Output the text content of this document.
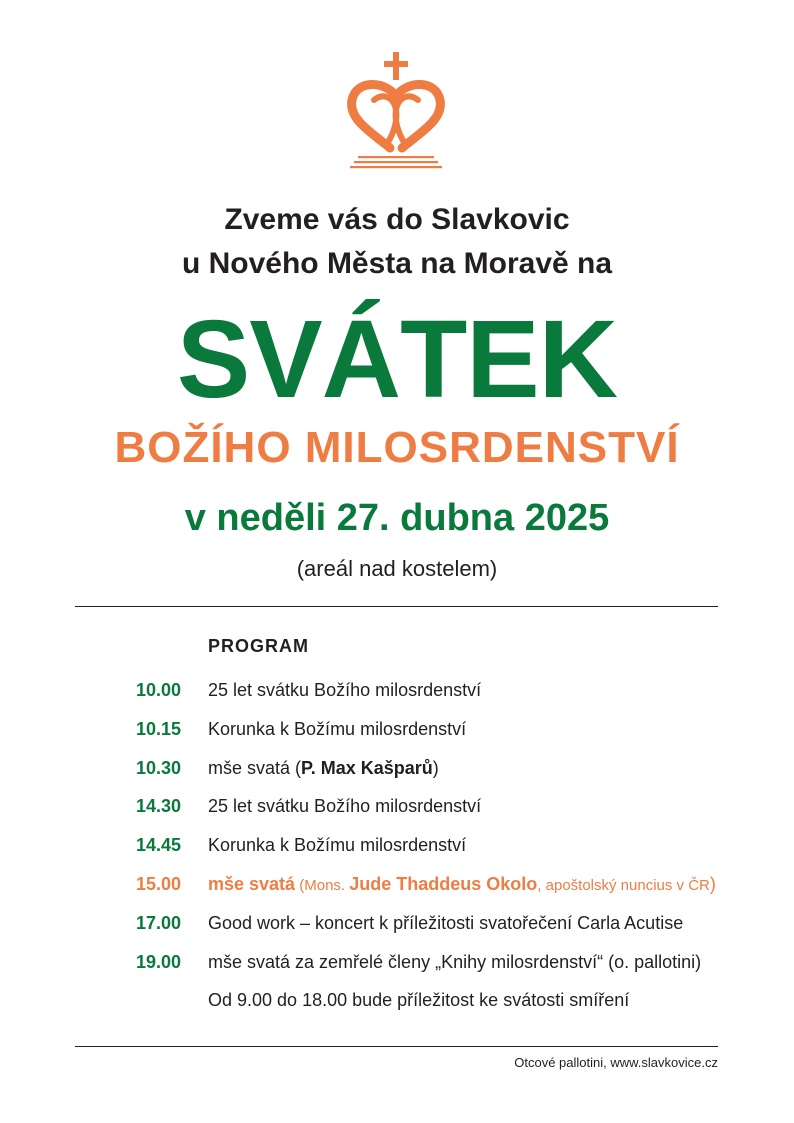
Zveme vás do Slavkovic
u Nového Města na Moravě na
SVÁTEK
BOŽÍHO MILOSRDENSTVÍ
v neděli 27. dubna 2025
(areál nad kostelem)
PROGRAM
10.00 25 let svátku Božího milosrdenství
10.15 Korunka k Božímu milosrdenství
10.30 mše svatá (P. Max Kašparů)
14.30 25 let svátku Božího milosrdenství
14.45 Korunka k Božímu milosrdenství
15.00 mše svatá (Mons. Jude Thaddeus Okolo, apoštolský nuncius v ČR)
17.00 Good work – koncert k příležitosti svatořečení Carla Acutise
19.00 mše svatá za zemřelé členy „Knihy milosrdenství“ (o. pallotini)
Od 9.00 do 18.00 bude příležitost ke svátosti smíření
Otcové pallotini, www.slavkovice.cz
